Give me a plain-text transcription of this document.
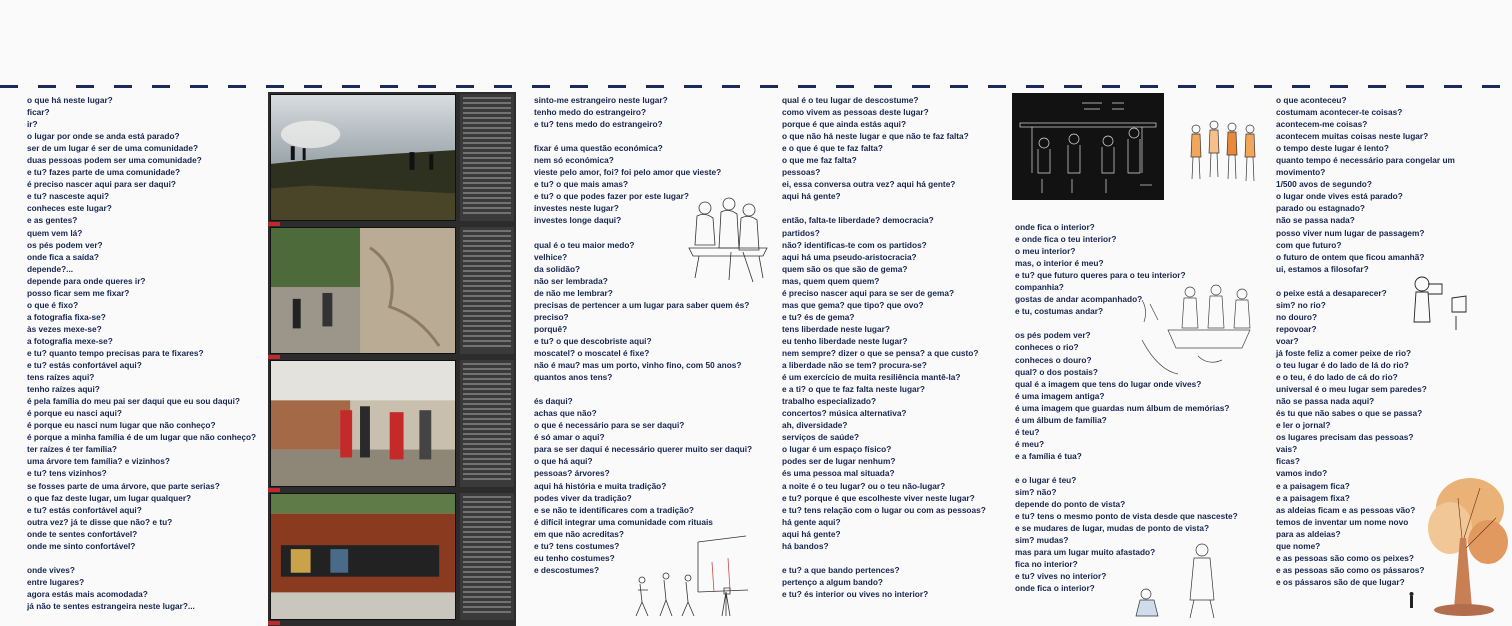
o que há neste lugar?
ficar?
ir?
o lugar por onde se anda está parado?
ser de um lugar é ser de uma comunidade?
duas pessoas podem ser uma comunidade?
e tu? fazes parte de uma comunidade?
é preciso nascer aqui para ser daqui?
e tu? nasceste aqui?
conheces este lugar?
e as gentes?
quem vem lá?
os pés podem ver?
onde fica a saída?
depende?...
depende para onde queres ir?
posso ficar sem me fixar?
o que é fixo?
a fotografia fixa-se?
às vezes mexe-se?
a fotografia mexe-se?
e tu? quanto tempo precisas para te fixares?
e tu? estás confortável aqui?
tens raízes aqui?
tenho raízes aqui?
é pela família do meu pai ser daqui que eu sou daqui?
é porque eu nasci aqui?
é porque eu nasci num lugar que não conheço?
é porque a minha família é de um lugar que não conheço?
ter raízes é ter família?
uma árvore tem família? e vizinhos?
e tu? tens vizinhos?
se fosses parte de uma árvore, que parte serias?
o que faz deste lugar, um lugar qualquer?
e tu? estás confortável aqui?
outra vez? já te disse que não? e tu?
onde te sentes confortável?
onde me sinto confortável?
onde vives?
entre lugares?
agora estás mais acomodada?
já não te sentes estrangeira neste lugar?...
sinto-me estrangeiro neste lugar?
tenho medo do estrangeiro?
e tu? tens medo do estrangeiro?
fixar é uma questão económica?
nem só económica?
vieste pelo amor, foi? foi pelo amor que vieste?
e tu? o que mais amas?
e tu? o que podes fazer por este lugar?
investes neste lugar?
investes longe daqui?
qual é o teu maior medo?
velhice?
da solidão?
não ser lembrada?
de não me lembrar?
precisas de pertencer a um lugar para saber quem és?
preciso?
porquê?
e tu? o que descobriste aqui?
moscatel? o moscatel é fixe?
não é mau? mas um porto, vinho fino, com 50 anos?
quantos anos tens?
és daqui?
achas que não?
o que é necessário para se ser daqui?
é só amar o aqui?
para se ser daqui é necessário querer muito ser daqui?
o que há aqui?
pessoas? árvores?
aqui há história e muita tradição?
podes viver da tradição?
e se não te identificares com a tradição?
é difícil integrar uma comunidade com rituais
em que não acreditas?
e tu? tens costumes?
eu tenho costumes?
e descostumes?
qual é o teu lugar de descostume?
como vivem as pessoas deste lugar?
porque é que ainda estás aqui?
o que não há neste lugar e que não te faz falta?
e o que é que te faz falta?
o que me faz falta?
pessoas?
ei, essa conversa outra vez? aqui há gente?
aqui há gente?
então, falta-te liberdade? democracia?
partidos?
não? identificas-te com os partidos?
aqui há uma pseudo-aristocracia?
quem são os que são de gema?
mas, quem quem quem?
é preciso nascer aqui para se ser de gema?
mas que gema? que tipo? que ovo?
e tu? és de gema?
tens liberdade neste lugar?
eu tenho liberdade neste lugar?
nem sempre? dizer o que se pensa? a que custo?
a liberdade não se tem? procura-se?
é um exercício de muita resiliência mantê-la?
e a ti? o que te faz falta neste lugar?
trabalho especializado?
concertos? música alternativa?
ah, diversidade?
serviços de saúde?
o lugar é um espaço físico?
podes ser de lugar nenhum?
és uma pessoa mal situada?
a noite é o teu lugar? ou o teu não-lugar?
e tu? porque é que escolheste viver neste lugar?
e tu? tens relação com o lugar ou com as pessoas?
há gente aqui?
aqui há gente?
há bandos?
e tu? a que bando pertences?
pertenço a algum bando?
e tu? és interior ou vives no interior?
onde fica o interior?
e onde fica o teu interior?
o meu interior?
mas, o interior é meu?
e tu? que futuro queres para o teu interior?
companhia?
gostas de andar acompanhado?
e tu, costumas andar?
os pés podem ver?
conheces o rio?
conheces o douro?
qual? o dos postais?
qual é a imagem que tens do lugar onde vives?
é uma imagem antiga?
é uma imagem que guardas num álbum de memórias?
é um álbum de família?
é teu?
é meu?
e a família é tua?
e o lugar é teu?
sim? não?
depende do ponto de vista?
e tu? tens o mesmo ponto de vista desde que nasceste?
e se mudares de lugar, mudas de ponto de vista?
sim? mudas?
mas para um lugar muito afastado?
fica no interior?
e tu? vives no interior?
onde fica o interior?
o que aconteceu?
costumam acontecer-te coisas?
acontecem-me coisas?
acontecem muitas coisas neste lugar?
o tempo deste lugar é lento?
quanto tempo é necessário para congelar um
movimento?
1/500 avos de segundo?
o lugar onde vives está parado?
parado ou estagnado?
não se passa nada?
posso viver num lugar de passagem?
com que futuro?
o futuro de ontem que ficou amanhã?
ui, estamos a filosofar?
o peixe está a desaparecer?
sim? no rio?
no douro?
repovoar?
voar?
já foste feliz a comer peixe de rio?
o teu lugar é do lado de lá do rio?
e o teu, é do lado de cá do rio?
universal é o meu lugar sem paredes?
não se passa nada aqui?
és tu que não sabes o que se passa?
e ler o jornal?
os lugares precisam das pessoas?
vais?
ficas?
vamos indo?
e a paisagem fica?
e a paisagem fixa?
as aldeias ficam e as pessoas vão?
temos de inventar um nome novo
para as aldeias?
que nome?
e as pessoas são como os peixes?
e as pessoas são como os pássaros?
e os pássaros são de que lugar?
